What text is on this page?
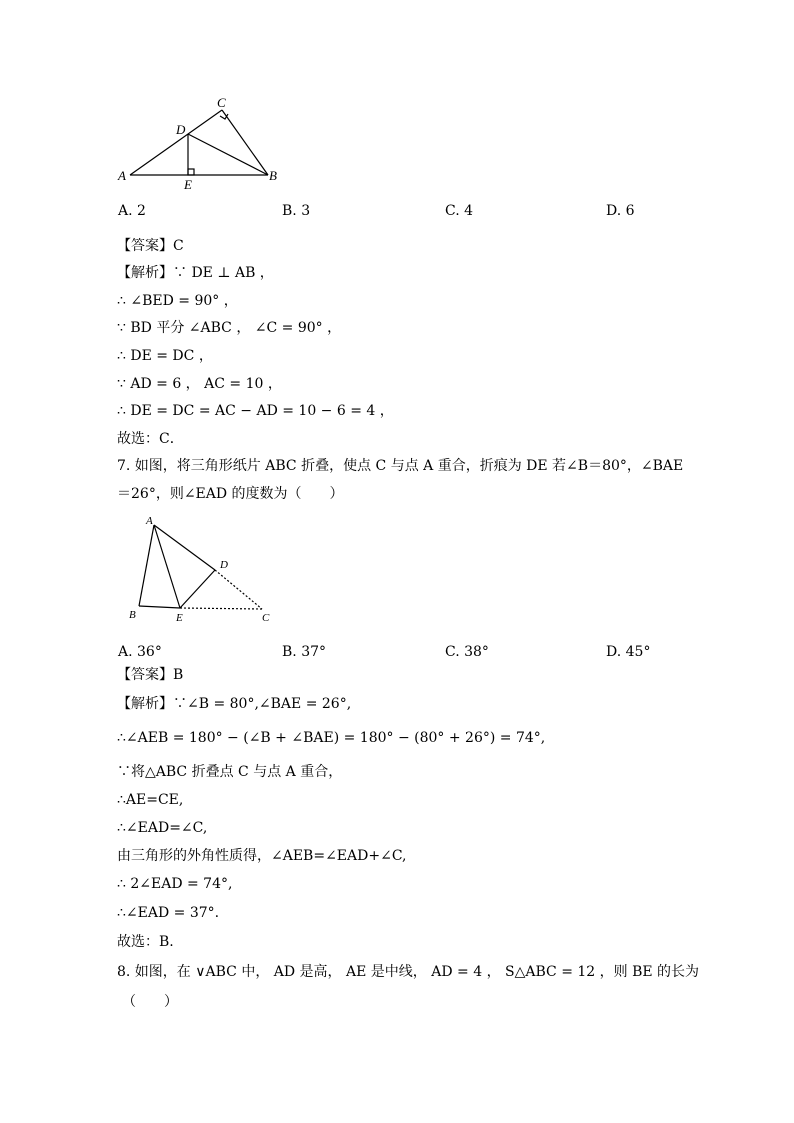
A	B
C
D
E
A. 2	B. 3	C. 4	D. 6
【答案】C
【解析】∵ DE ⊥ AB ，
∴ ∠BED = 90° ，
∵ BD 平分 ∠ABC ， ∠C = 90° ，
∴ DE = DC ，
∵ AD = 6 ， AC = 10 ，
∴ DE = DC = AC − AD = 10 − 6 = 4 ，
故选：C．
7. 如图，将三角形纸片 ABC 折叠，使点 C 与点 A 重合，折痕为 DE 若∠B＝80°，∠BAE
＝26°，则∠EAD 的度数为（　　）
A
B	C
D
E
A. 36°	B. 37°	C. 38°	D. 45°
【答案】B
【解析】∵∠B = 80°,∠BAE = 26°,
∴∠AEB = 180° − (∠B + ∠BAE) = 180° − (80° + 26°) = 74°,
∵将△ABC 折叠点 C 与点 A 重合，
∴AE=CE,
∴∠EAD=∠C,
由三角形的外角性质得，∠AEB=∠EAD+∠C,
∴ 2∠EAD = 74°,
∴∠EAD = 37°.
故选：B.
8. 如图，在 ∨ABC 中， AD 是高， AE 是中线， AD = 4 ， S△ABC = 12 ，则 BE 的长为
（　　）
